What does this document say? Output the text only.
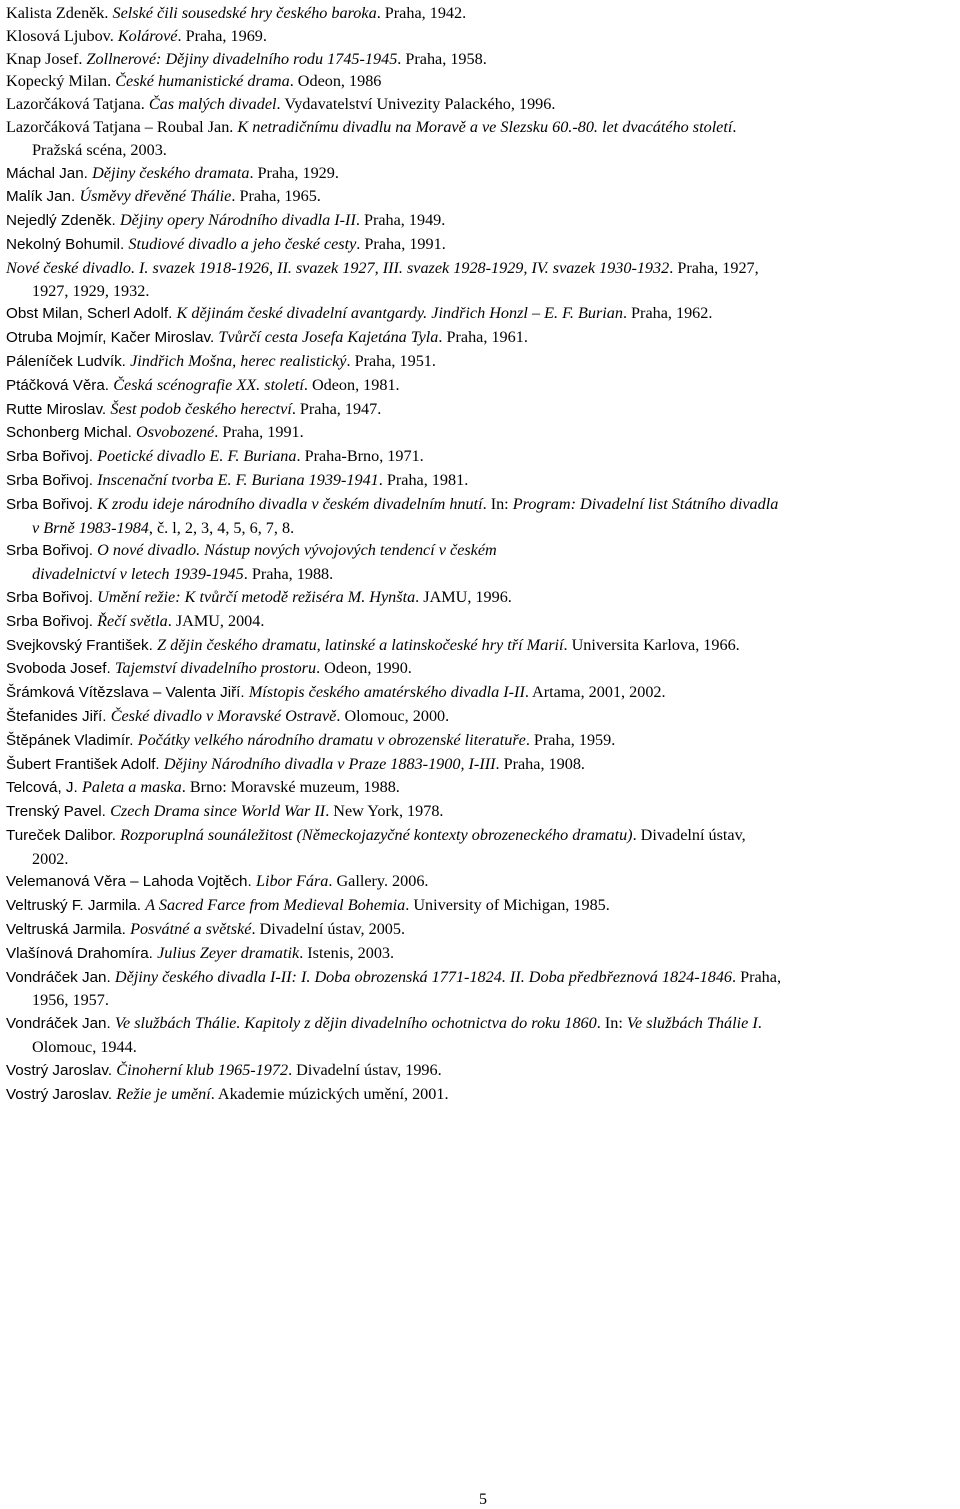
Kalista Zdeněk. Selské čili sousedské hry českého baroka. Praha, 1942.
Klosová Ljubov. Kolárové. Praha, 1969.
Knap Josef. Zollnerové: Dějiny divadelního rodu 1745-1945. Praha, 1958.
Kopecký Milan. České humanistické drama. Odeon, 1986
Lazorčáková Tatjana. Čas malých divadel. Vydavatelství Univezity Palackého, 1996.
Lazorčáková Tatjana – Roubal Jan. K netradičnímu divadlu na Moravě a ve Slezsku 60.-80. let dvacátého století.
Pražská scéna, 2003.
Máchal Jan. Dějiny českého dramata. Praha, 1929.
Malík Jan. Úsměvy dřevěné Thálie. Praha, 1965.
Nejedlý Zdeněk. Dějiny opery Národního divadla I-II. Praha, 1949.
Nekolný Bohumil. Studiové divadlo a jeho české cesty. Praha, 1991.
Nové české divadlo. I. svazek 1918-1926, II. svazek 1927, III. svazek 1928-1929, IV. svazek 1930-1932. Praha, 1927,
1927, 1929, 1932.
Obst Milan, Scherl Adolf. K dějinám české divadelní avantgardy. Jindřich Honzl – E. F. Burian. Praha, 1962.
Otruba Mojmír, Kačer Miroslav. Tvůrčí cesta Josefa Kajetána Tyla. Praha, 1961.
Páleníček Ludvík. Jindřich Mošna, herec realistický. Praha, 1951.
Ptáčková Věra. Česká scénografie XX. století. Odeon, 1981.
Rutte Miroslav. Šest podob českého herectví. Praha, 1947.
Schonberg Michal. Osvobozené. Praha, 1991.
Srba Bořivoj. Poetické divadlo E. F. Buriana. Praha-Brno, 1971.
Srba Bořivoj. Inscenační tvorba E. F. Buriana 1939-1941. Praha, 1981.
Srba Bořivoj. K zrodu ideje národního divadla v českém divadelním hnutí. In: Program: Divadelní list Státního divadla
v Brně 1983-1984, č. l, 2, 3, 4, 5, 6, 7, 8.
Srba Bořivoj. O nové divadlo. Nástup nových vývojových tendencí v českém
divadelnictví v letech 1939-1945. Praha, 1988.
Srba Bořivoj. Umění režie: K tvůrčí metodě režiséra M. Hynšta. JAMU, 1996.
Srba Bořivoj. Řečí světla. JAMU, 2004.
Svejkovský František. Z dějin českého dramatu, latinské a latinskočeské hry tří Marií. Universita Karlova, 1966.
Svoboda Josef. Tajemství divadelního prostoru. Odeon, 1990.
Šrámková Vítězslava – Valenta Jiří. Místopis českého amatérského divadla I-II. Artama, 2001, 2002.
Štefanides Jiří. České divadlo v Moravské Ostravě. Olomouc, 2000.
Štěpánek Vladimír. Počátky velkého národního dramatu v obrozenské literatuře. Praha, 1959.
Šubert František Adolf. Dějiny Národního divadla v Praze 1883-1900, I-III. Praha, 1908.
Telcová, J. Paleta a maska. Brno: Moravské muzeum, 1988.
Trenský Pavel. Czech Drama since World War II. New York, 1978.
Tureček Dalibor. Rozporuplná sounáležitost (Německojazyčné kontexty obrozeneckého dramatu). Divadelní ústav,
2002.
Velemanová Věra – Lahoda Vojtěch. Libor Fára. Gallery. 2006.
Veltruský F. Jarmila. A Sacred Farce from Medieval Bohemia. University of Michigan, 1985.
Veltruská Jarmila. Posvátné a světské. Divadelní ústav, 2005.
Vlašínová Drahomíra. Julius Zeyer dramatik. Istenis, 2003.
Vondráček Jan. Dějiny českého divadla I-II: I. Doba obrozenská 1771-1824. II. Doba předbřeznová 1824-1846. Praha,
1956, 1957.
Vondráček Jan. Ve službách Thálie. Kapitoly z dějin divadelního ochotnictva do roku 1860. In: Ve službách Thálie I.
Olomouc, 1944.
Vostrý Jaroslav. Činoherní klub 1965-1972. Divadelní ústav, 1996.
Vostrý Jaroslav. Režie je umění. Akademie múzických umění, 2001.
5
